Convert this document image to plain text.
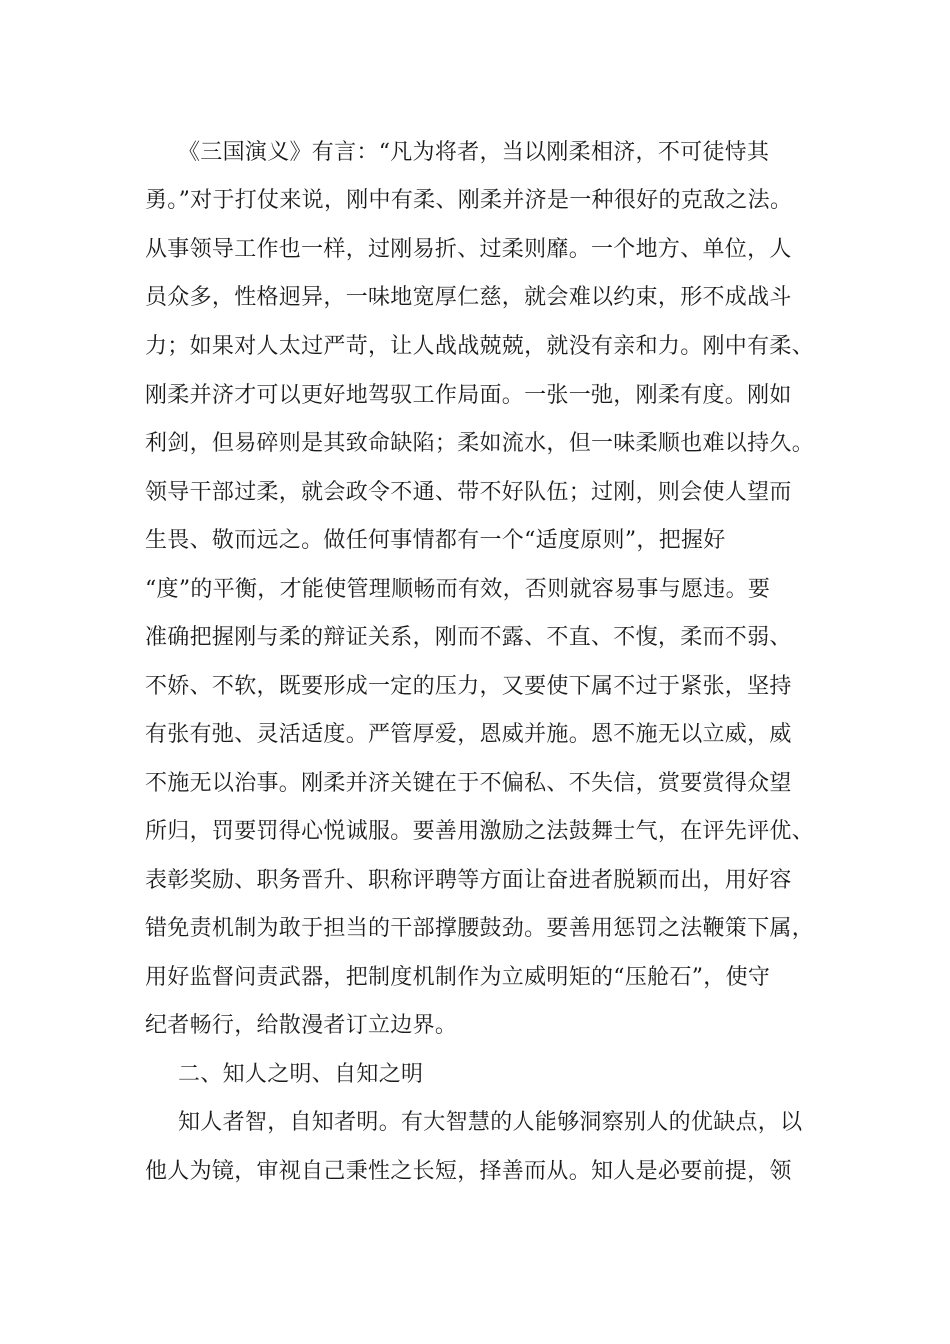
《三国演义》有言：“凡为将者，当以刚柔相济，不可徒恃其
勇。”对于打仗来说，刚中有柔、刚柔并济是一种很好的克敌之法。
从事领导工作也一样，过刚易折、过柔则靡。一个地方、单位，人
员众多，性格迥异，一味地宽厚仁慈，就会难以约束，形不成战斗
力；如果对人太过严苛，让人战战兢兢，就没有亲和力。刚中有柔、
刚柔并济才可以更好地驾驭工作局面。一张一弛，刚柔有度。刚如
利剑，但易碎则是其致命缺陷；柔如流水，但一味柔顺也难以持久。
领导干部过柔，就会政令不通、带不好队伍；过刚，则会使人望而
生畏、敬而远之。做任何事情都有一个“适度原则”，把握好
“度”的平衡，才能使管理顺畅而有效，否则就容易事与愿违。要
准确把握刚与柔的辩证关系，刚而不露、不直、不愎，柔而不弱、
不娇、不软，既要形成一定的压力，又要使下属不过于紧张，坚持
有张有弛、灵活适度。严管厚爱，恩威并施。恩不施无以立威，威
不施无以治事。刚柔并济关键在于不偏私、不失信，赏要赏得众望
所归，罚要罚得心悦诚服。要善用激励之法鼓舞士气，在评先评优、
表彰奖励、职务晋升、职称评聘等方面让奋进者脱颖而出，用好容
错免责机制为敢于担当的干部撑腰鼓劲。要善用惩罚之法鞭策下属，
用好监督问责武器，把制度机制作为立威明矩的“压舱石”，使守
纪者畅行，给散漫者订立边界。
二、知人之明、自知之明
知人者智，自知者明。有大智慧的人能够洞察别人的优缺点，以
他人为镜，审视自己秉性之长短，择善而从。知人是必要前提，领
